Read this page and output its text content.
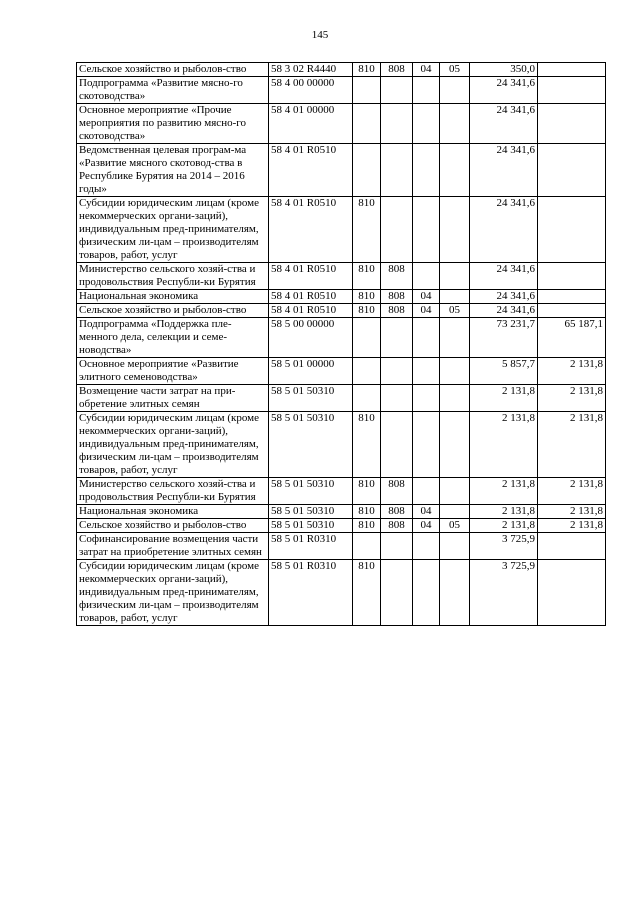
145
Сельское хозяйство и рыболов-ство	58 3 02 R4440	810	808	04	05	350,0	
Подпрограмма «Развитие мясно-го скотоводства»	58 4 00 00000					24 341,6	
Основное мероприятие «Прочие мероприятия по развитию мясно-го скотоводства»	58 4 01 00000					24 341,6	
Ведомственная целевая програм-ма «Развитие мясного скотовод-ства в Республике Бурятия на 2014 – 2016 годы»	58 4 01 R0510					24 341,6	
Субсидии юридическим лицам (кроме некоммерческих органи-заций), индивидуальным пред-принимателям, физическим ли-цам – производителям товаров, работ, услуг	58 4 01 R0510	810				24 341,6	
Министерство сельского хозяй-ства и продовольствия Республи-ки Бурятия	58 4 01 R0510	810	808			24 341,6	
Национальная экономика	58 4 01 R0510	810	808	04		24 341,6	
Сельское хозяйство и рыболов-ство	58 4 01 R0510	810	808	04	05	24 341,6	
Подпрограмма «Поддержка пле-менного дела, селекции и семе-новодства»	58 5 00 00000					73 231,7	65 187,1
Основное мероприятие «Развитие элитного семеноводства»	58 5 01 00000					5 857,7	2 131,8
Возмещение части затрат на при-обретение элитных семян	58 5 01 50310					2 131,8	2 131,8
Субсидии юридическим лицам (кроме некоммерческих органи-заций), индивидуальным пред-принимателям, физическим ли-цам – производителям товаров, работ, услуг	58 5 01 50310	810				2 131,8	2 131,8
Министерство сельского хозяй-ства и продовольствия Республи-ки Бурятия	58 5 01 50310	810	808			2 131,8	2 131,8
Национальная экономика	58 5 01 50310	810	808	04		2 131,8	2 131,8
Сельское хозяйство и рыболов-ство	58 5 01 50310	810	808	04	05	2 131,8	2 131,8
Софинансирование возмещения части затрат на приобретение элитных семян	58 5 01 R0310					3 725,9	
Субсидии юридическим лицам (кроме некоммерческих органи-заций), индивидуальным пред-принимателям, физическим ли-цам – производителям товаров, работ, услуг	58 5 01 R0310	810				3 725,9	
